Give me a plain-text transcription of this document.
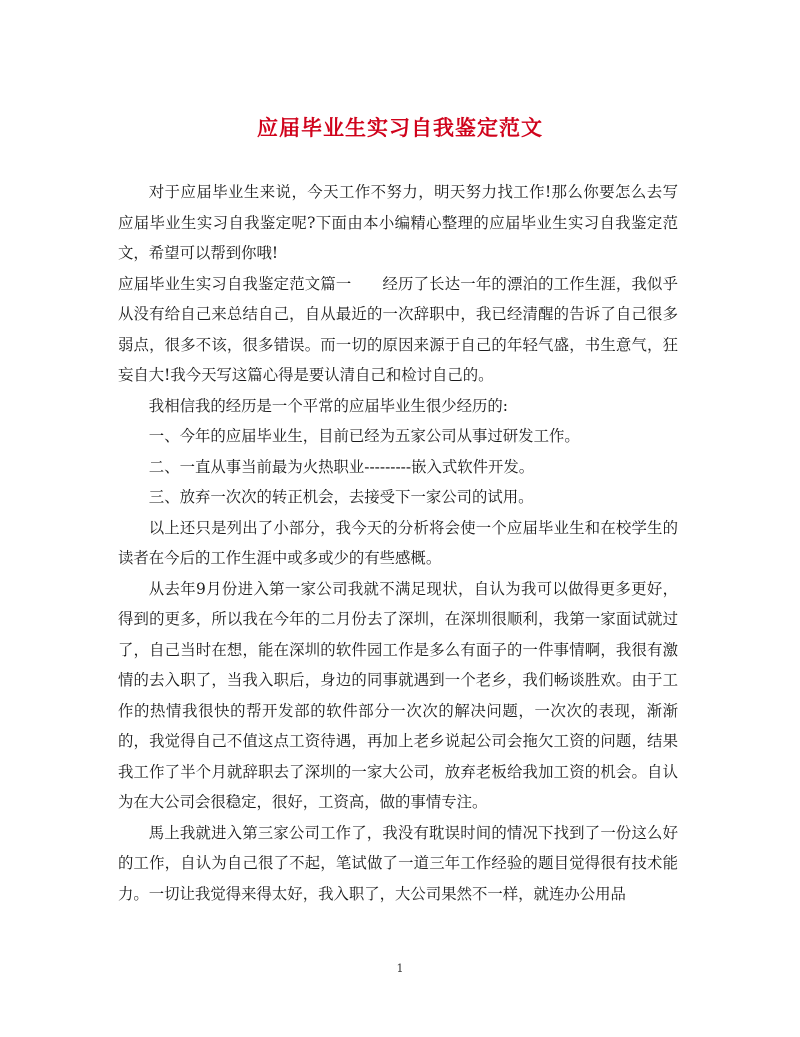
应届毕业生实习自我鉴定范文

对于应届毕业生来说，今天工作不努力，明天努力找工作!那么你要怎么去写应届毕业生实习自我鉴定呢?下面由本小编精心整理的应届毕业生实习自我鉴定范文，希望可以帮到你哦!

应届毕业生实习自我鉴定范文篇一 经历了长达一年的漂泊的工作生涯，我似乎从没有给自己来总结自己，自从最近的一次辞职中，我已经清醒的告诉了自己很多弱点，很多不该，很多错误。而一切的原因来源于自己的年轻气盛，书生意气，狂妄自大!我今天写这篇心得是要认清自己和检讨自己的。

我相信我的经历是一个平常的应届毕业生很少经历的:

一、今年的应届毕业生，目前已经为五家公司从事过研发工作。

二、一直从事当前最为火热职业---------嵌入式软件开发。

三、放弃一次次的转正机会，去接受下一家公司的试用。

以上还只是列出了小部分，我今天的分析将会使一个应届毕业生和在校学生的读者在今后的工作生涯中或多或少的有些感概。

从去年9月份进入第一家公司我就不满足现状，自认为我可以做得更多更好，得到的更多，所以我在今年的二月份去了深圳，在深圳很顺利，我第一家面试就过了，自己当时在想，能在深圳的软件园工作是多么有面子的一件事情啊，我很有激情的去入职了，当我入职后，身边的同事就遇到一个老乡，我们畅谈胜欢。由于工作的热情我很快的帮开发部的软件部分一次次的解决问题，一次次的表现，渐渐的，我觉得自己不值这点工资待遇，再加上老乡说起公司会拖欠工资的问题，结果我工作了半个月就辞职去了深圳的一家大公司，放弃老板给我加工资的机会。自认为在大公司会很稳定，很好，工资高，做的事情专注。

馬上我就进入第三家公司工作了，我没有耽误时间的情况下找到了一份这么好的工作，自认为自己很了不起，笔试做了一道三年工作经验的题目觉得很有技术能力。一切让我觉得来得太好，我入职了，大公司果然不一样，就连办公用品

1
